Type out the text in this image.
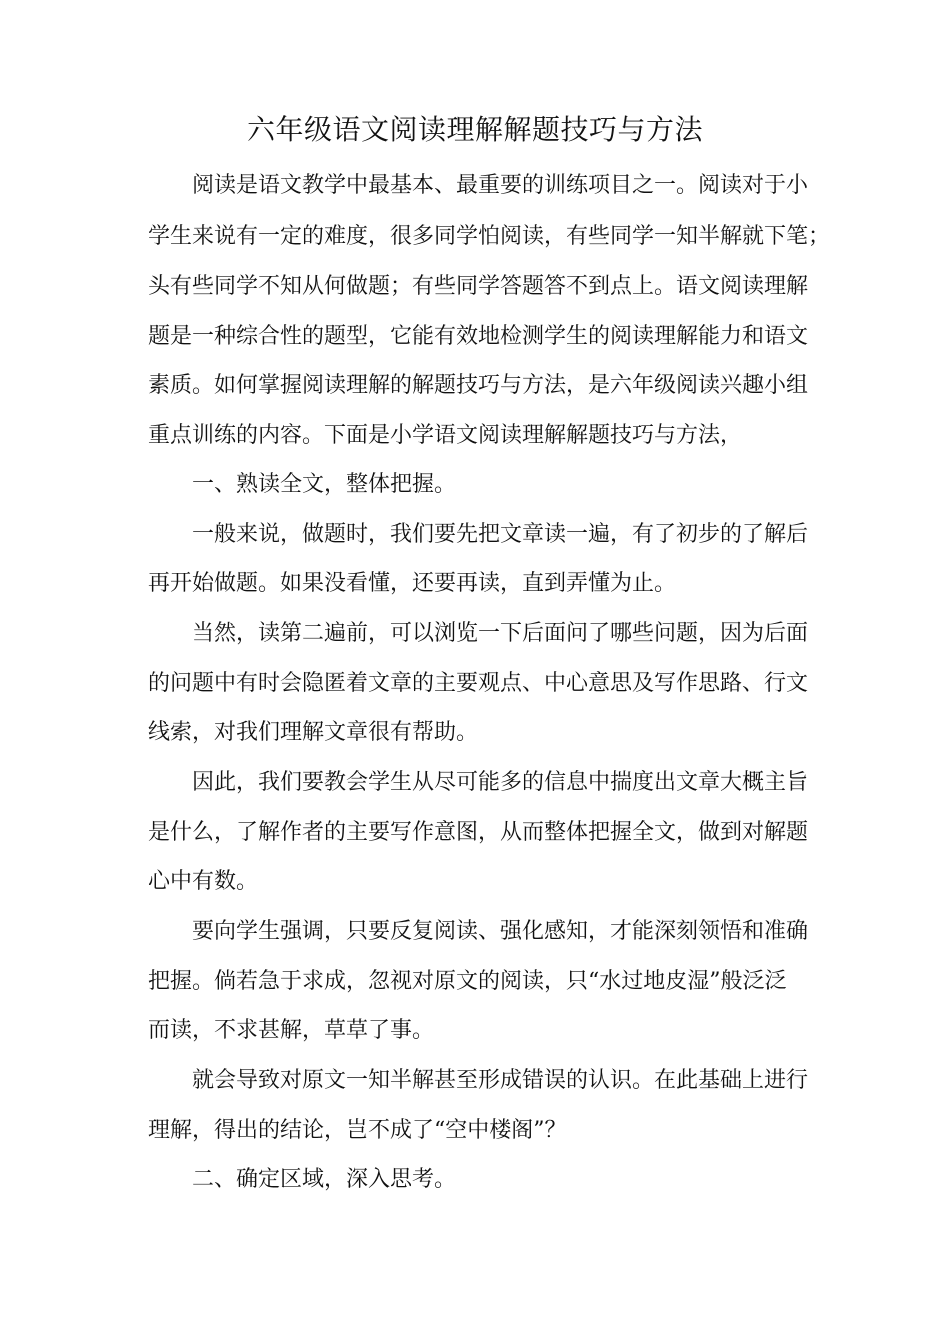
六年级语文阅读理解解题技巧与方法
阅读是语文教学中最基本、最重要的训练项目之一。阅读对于小
学生来说有一定的难度，很多同学怕阅读，有些同学一知半解就下笔；
头有些同学不知从何做题；有些同学答题答不到点上。语文阅读理解
题是一种综合性的题型，它能有效地检测学生的阅读理解能力和语文
素质。如何掌握阅读理解的解题技巧与方法，是六年级阅读兴趣小组
重点训练的内容。下面是小学语文阅读理解解题技巧与方法，
一、熟读全文，整体把握。
一般来说，做题时，我们要先把文章读一遍，有了初步的了解后
再开始做题。如果没看懂，还要再读，直到弄懂为止。
当然，读第二遍前，可以浏览一下后面问了哪些问题，因为后面
的问题中有时会隐匿着文章的主要观点、中心意思及写作思路、行文
线索，对我们理解文章很有帮助。
因此，我们要教会学生从尽可能多的信息中揣度出文章大概主旨
是什么，了解作者的主要写作意图，从而整体把握全文，做到对解题
心中有数。
要向学生强调，只要反复阅读、强化感知，才能深刻领悟和准确
把握。倘若急于求成，忽视对原文的阅读，只“水过地皮湿”般泛泛
而读，不求甚解，草草了事。
就会导致对原文一知半解甚至形成错误的认识。在此基础上进行
理解，得出的结论，岂不成了“空中楼阁”？
二、确定区域，深入思考。
